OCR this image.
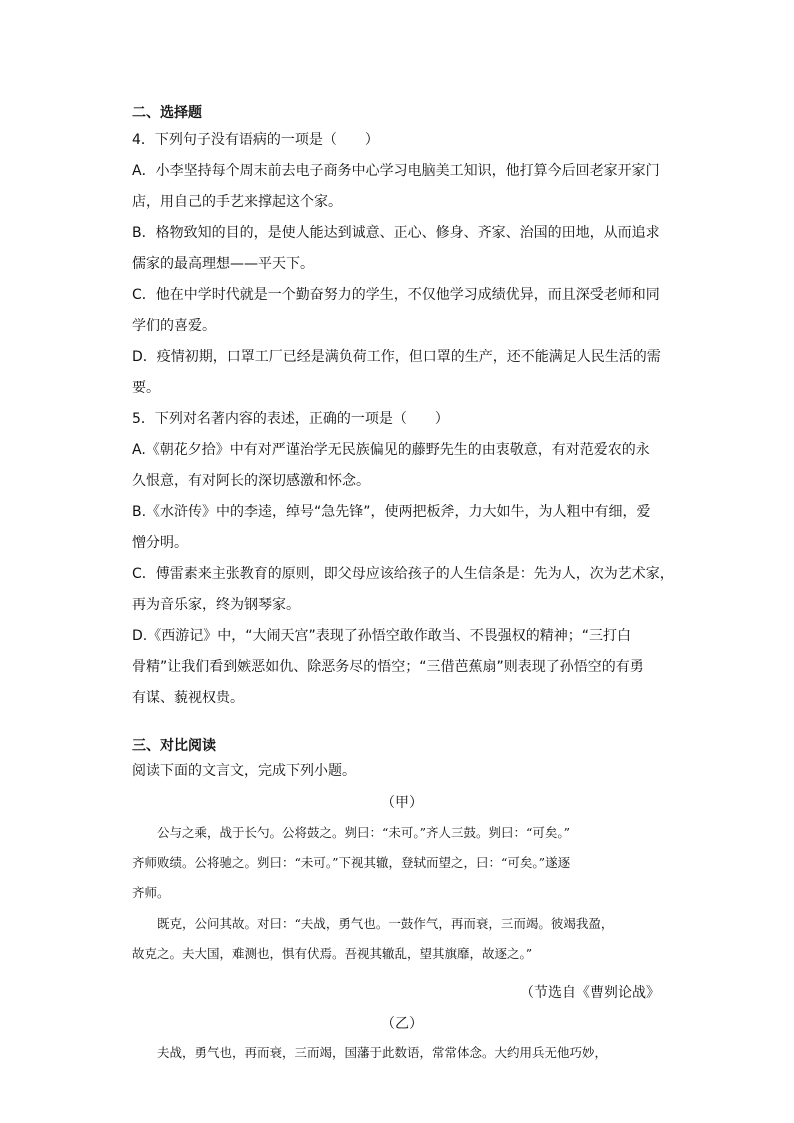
二、选择题

4．下列句子没有语病的一项是（　　）

A．小李坚持每个周末前去电子商务中心学习电脑美工知识，他打算今后回老家开家门

店，用自己的手艺来撑起这个家。

B．格物致知的目的，是使人能达到诚意、正心、修身、齐家、治国的田地，从而追求

儒家的最高理想——平天下。

C．他在中学时代就是一个勤奋努力的学生，不仅他学习成绩优异，而且深受老师和同

学们的喜爱。

D．疫情初期，口罩工厂已经是满负荷工作，但口罩的生产，还不能满足人民生活的需

要。

5．下列对名著内容的表述，正确的一项是（　　）

A.《朝花夕拾》中有对严谨治学无民族偏见的藤野先生的由衷敬意，有对范爱农的永

久恨意，有对阿长的深切感激和怀念。

B.《水浒传》中的李逵，绰号“急先锋”，使两把板斧，力大如牛，为人粗中有细，爱

憎分明。

C．傅雷素来主张教育的原则，即父母应该给孩子的人生信条是：先为人，次为艺术家，

再为音乐家，终为钢琴家。

D.《西游记》中，“大闹天宫”表现了孙悟空敢作敢当、不畏强权的精神；“三打白

骨精”让我们看到嫉恶如仇、除恶务尽的悟空；“三借芭蕉扇”则表现了孙悟空的有勇

有谋、藐视权贵。

三、对比阅读
阅读下面的文言文，完成下列小题。
（甲）

　　公与之乘，战于长勺。公将鼓之。刿曰：“未可。”齐人三鼓。刿曰：“可矣。”

齐师败绩。公将驰之。刿曰：“未可。”下视其辙，登轼而望之，曰：“可矣。”遂逐

齐师。

　　既克，公问其故。对曰：“夫战，勇气也。一鼓作气，再而衰，三而竭。彼竭我盈，

故克之。夫大国，难测也，惧有伏焉。吾视其辙乱，望其旗靡，故逐之。”

（节选自《曹刿论战》
（乙）

　　夫战，勇气也，再而衰，三而竭，国藩于此数语，常常体念。大约用兵无他巧妙，
